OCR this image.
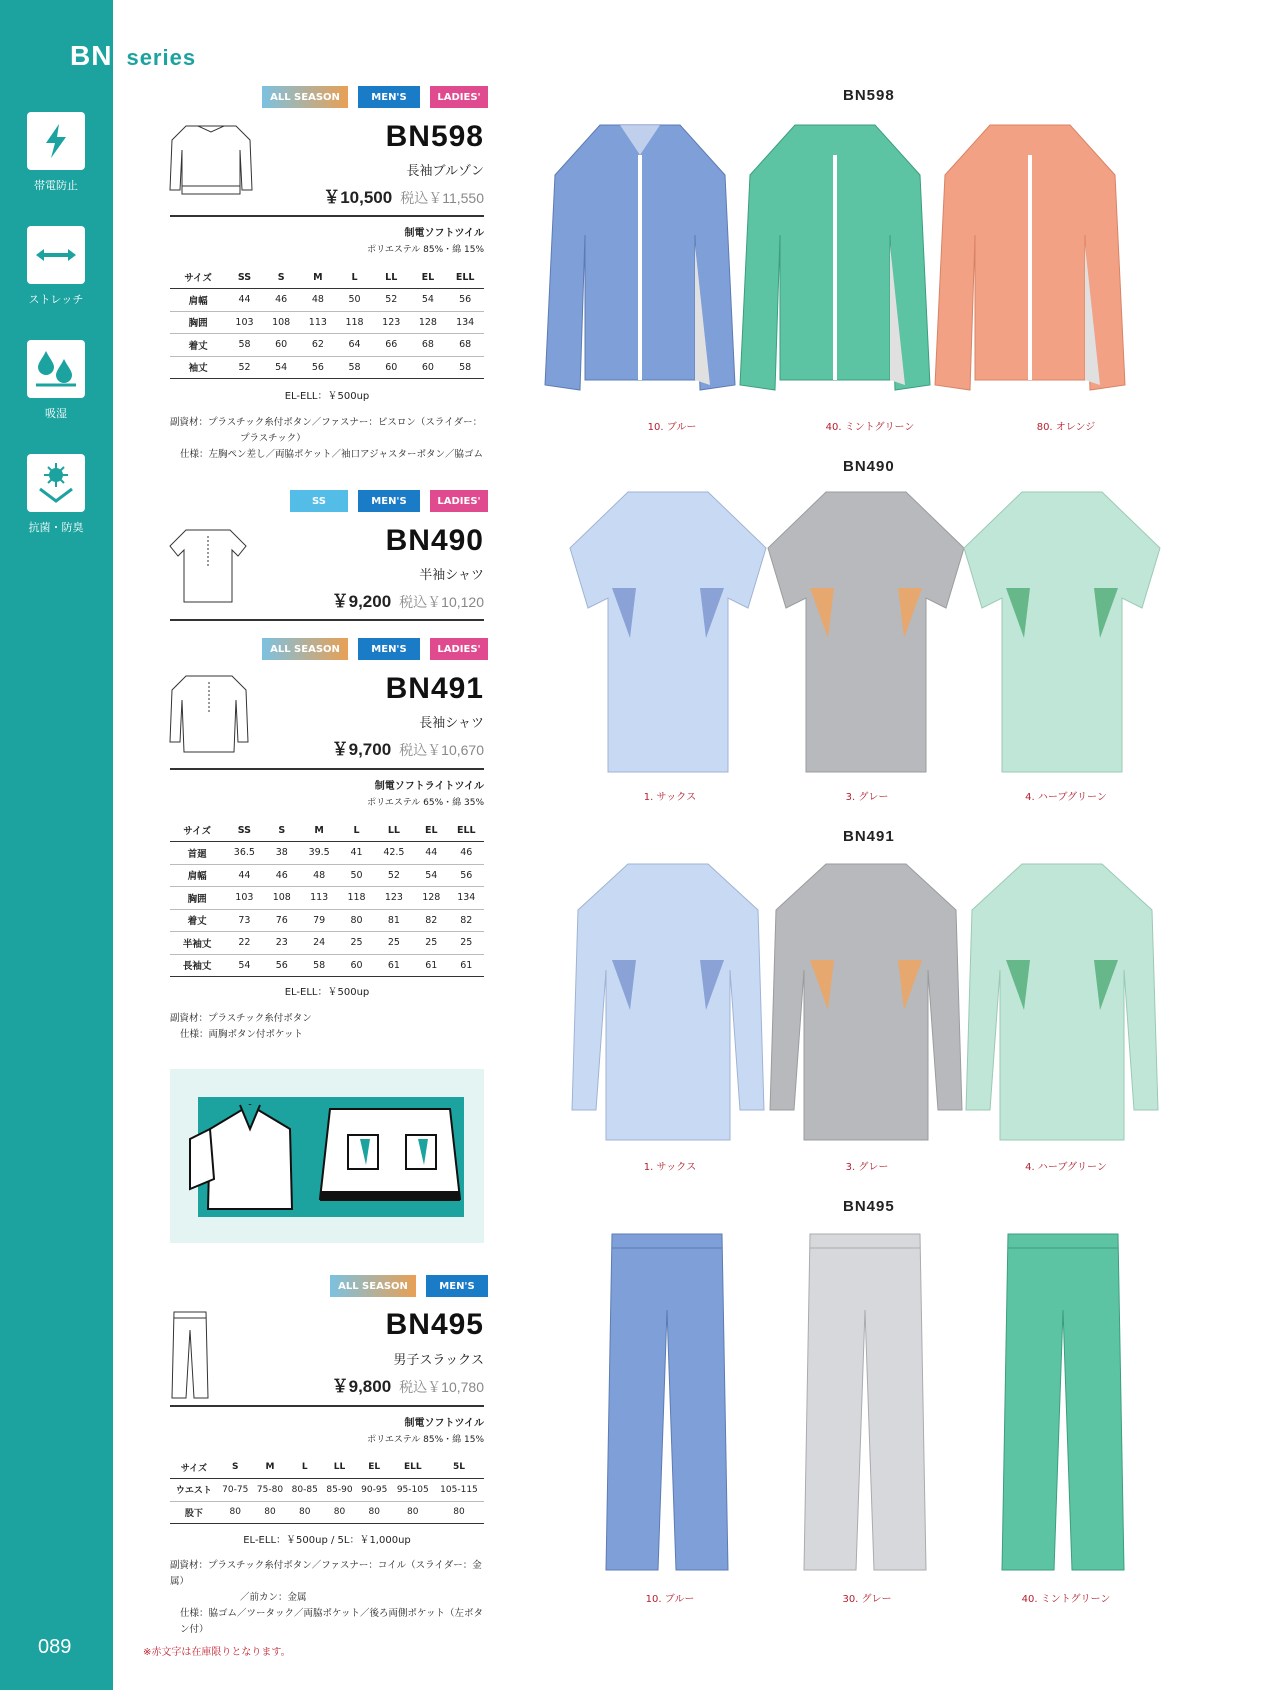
BN series
帯電防止
ストレッチ
吸湿
抗菌・防臭
089	※赤文字は在庫限りとなります。
ALL SEASON	MEN'S	LADIES'
BN598
長袖ブルゾン
￥10,500 税込￥11,550
制電ソフトツイル
ポリエステル 85%・綿 15%
サイズ	SS	S	M	L	LL	EL	ELL
肩幅	44	46	48	50	52	54	56
胸囲	103	108	113	118	123	128	134
着丈	58	60	62	64	66	68	68
袖丈	52	54	56	58	60	60	58
EL-ELL：￥500up
副資材：プラスチック糸付ボタン／ファスナー：ビスロン（スライダー：
プラスチック）
仕様：左胸ペン差し／両脇ポケット／袖口アジャスターボタン／脇ゴム
SS	MEN'S	LADIES'
BN490
半袖シャツ
￥9,200 税込￥10,120
ALL SEASON	MEN'S	LADIES'
BN491
長袖シャツ
￥9,700 税込￥10,670
制電ソフトライトツイル
ポリエステル 65%・綿 35%
サイズ	SS	S	M	L	LL	EL	ELL
首廻	36.5	38	39.5	41	42.5	44	46
肩幅	44	46	48	50	52	54	56
胸囲	103	108	113	118	123	128	134
着丈	73	76	79	80	81	82	82
半袖丈	22	23	24	25	25	25	25
長袖丈	54	56	58	60	61	61	61
EL-ELL：￥500up
副資材：プラスチック糸付ボタン
仕様：両胸ボタン付ポケット
ALL SEASON	MEN'S
BN495
男子スラックス
￥9,800 税込￥10,780
制電ソフトツイル
ポリエステル 85%・綿 15%
サイズ	S	M	L	LL	EL	ELL	5L
ウエスト	70-75	75-80	80-85	85-90	90-95	95-105	105-115
股下	80	80	80	80	80	80	80
EL-ELL：￥500up / 5L：￥1,000up
副資材：プラスチック糸付ボタン／ファスナー：コイル（スライダー：金属）
／前カン：金属
仕様：脇ゴム／ツータック／両脇ポケット／後ろ両側ポケット（左ボタン付）
BN598
BN490
BN491
BN495
10. ブルー	40. ミントグリーン	80. オレンジ
1. サックス	3. グレー	4. ハーブグリーン
1. サックス	3. グレー	4. ハーブグリーン
10. ブルー	30. グレー	40. ミントグリーン
